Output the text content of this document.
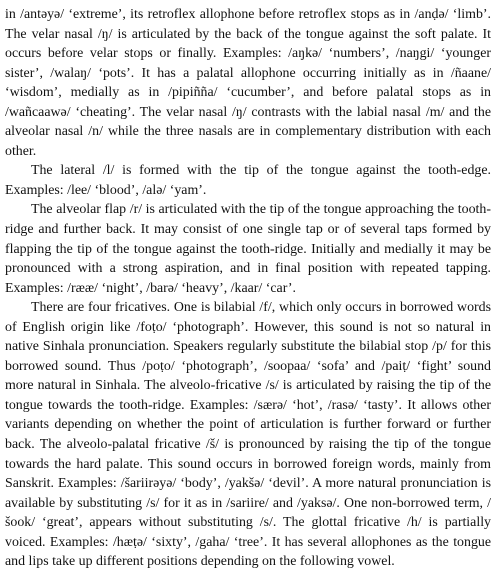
in /antəyə/ ‘extreme’, its retroflex allophone before retroflex stops as in /anḍə/ ‘limb’. The velar nasal /ŋ/ is articulated by the back of the tongue against the soft palate. It occurs before velar stops or finally. Examples: /aŋkə/ ‘numbers’, /naŋgi/ ‘younger sister’, /walaŋ/ ‘pots’. It has a palatal allophone occurring initially as in /ñaane/ ‘wisdom’, medially as in /pipiñña/ ‘cucumber’, and before palatal stops as in /wañcaawə/ ‘cheating’. The velar nasal /ŋ/ contrasts with the labial nasal /m/ and the alveolar nasal /n/ while the three nasals are in complementary distribution with each other.

The lateral /l/ is formed with the tip of the tongue against the tooth-edge. Examples: /lee/ ‘blood’, /alə/ ‘yam’.

The alveolar flap /r/ is articulated with the tip of the tongue approaching the tooth-ridge and further back. It may consist of one single tap or of several taps formed by flapping the tip of the tongue against the tooth-ridge. Initially and medially it may be pronounced with a strong aspiration, and in final position with repeated tapping. Examples: /rææ/ ‘night’, /barə/ ‘heavy’, /kaar/ ‘car’.

There are four fricatives. One is bilabial /f/, which only occurs in borrowed words of English origin like /foṭo/ ‘photograph’. However, this sound is not so natural in native Sinhala pronunciation. Speakers regularly substitute the bilabial stop /p/ for this borrowed sound. Thus /poṭo/ ‘photograph’, /soopaa/ ‘sofa’ and /paiṭ/ ‘fight’ sound more natural in Sinhala. The alveolo-fricative /s/ is articulated by raising the tip of the tongue towards the tooth-ridge. Examples: /særə/ ‘hot’, /rasə/ ‘tasty’. It allows other variants depending on whether the point of articulation is further forward or further back. The alveolo-palatal fricative /š/ is pronounced by raising the tip of the tongue towards the hard palate. This sound occurs in borrowed foreign words, mainly from Sanskrit. Examples: /šariirəyə/ ‘body’, /yakšə/ ‘devil’. A more natural pronunciation is available by substituting /s/ for it as in /sariire/ and /yaksə/. One non-borrowed term, /šook/ ‘great’, appears without substituting /s/. The glottal fricative /h/ is partially voiced. Examples: /hæṭə/ ‘sixty’, /gaha/ ‘tree’. It has several allophones as the tongue and lips take up different positions depending on the following vowel.
